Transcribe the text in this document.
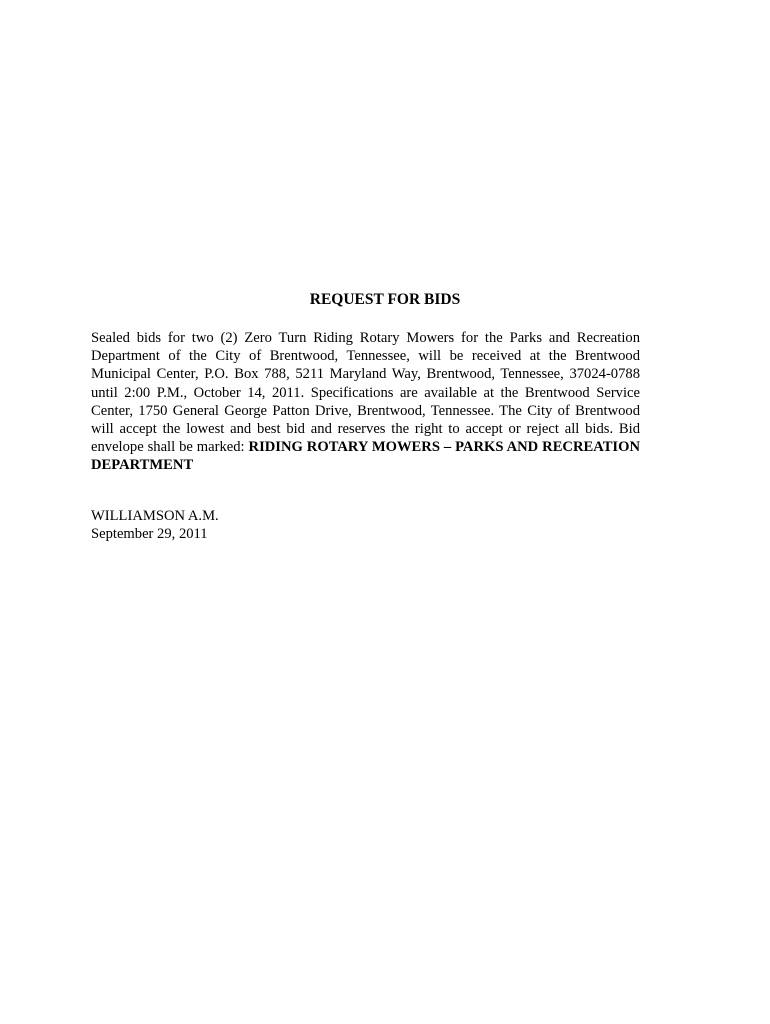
REQUEST FOR BIDS
Sealed bids for two (2) Zero Turn Riding Rotary Mowers for the Parks and Recreation Department of the City of Brentwood, Tennessee, will be received at the Brentwood Municipal Center, P.O. Box 788, 5211 Maryland Way, Brentwood, Tennessee, 37024-0788 until 2:00 P.M., October 14, 2011. Specifications are available at the Brentwood Service Center, 1750 General George Patton Drive, Brentwood, Tennessee. The City of Brentwood will accept the lowest and best bid and reserves the right to accept or reject all bids. Bid envelope shall be marked: RIDING ROTARY MOWERS – PARKS AND RECREATION DEPARTMENT
WILLIAMSON A.M.
September 29, 2011
